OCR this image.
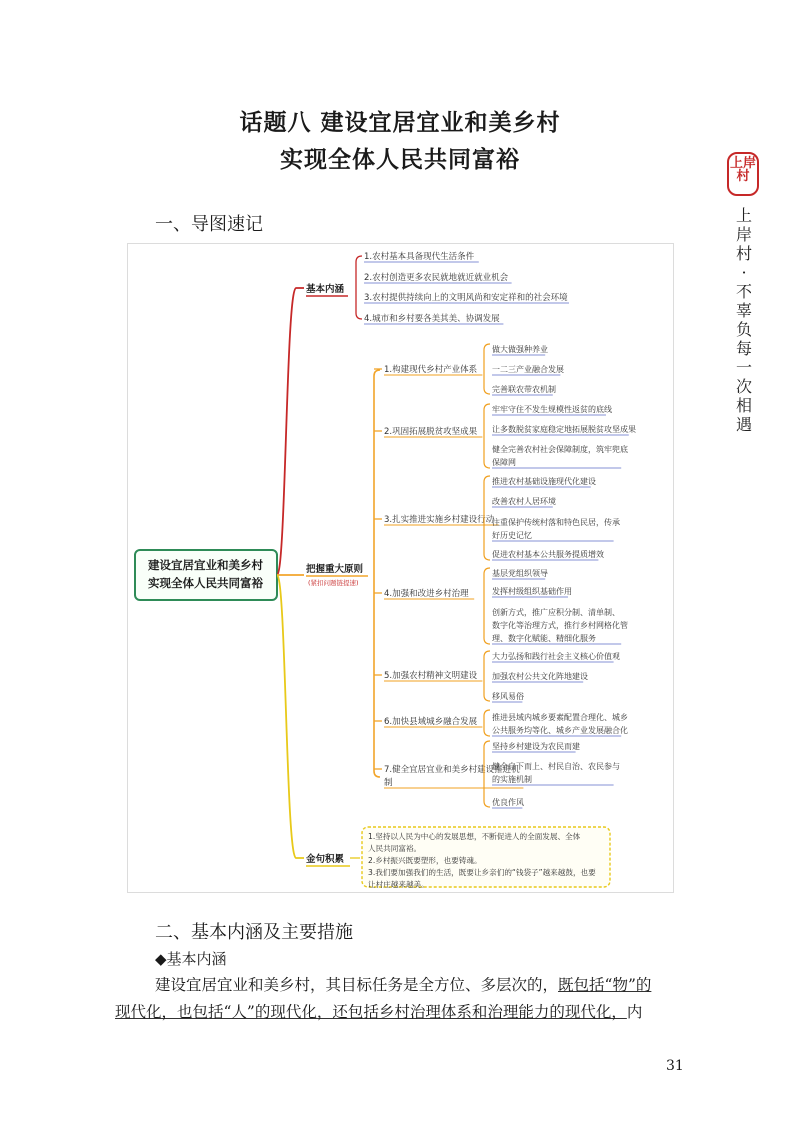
话题八 建设宜居宜业和美乡村
实现全体人民共同富裕	上岸村
上
岸
村
·
不
辜
负
每
一
次
相
遇
一、导图速记
建设宜居宜业和美乡村
实现全体人民共同富裕
基本内涵
1.农村基本具备现代生活条件
2.农村创造更多农民就地就近就业机会
3.农村提供持续向上的文明风尚和安定祥和的社会环境
4.城市和乡村要各美其美、协调发展
把握重大原则
(紧扣问题链提速)
1.构建现代乡村产业体系
做大做强种养业
一二三产业融合发展
完善联农带农机制
2.巩固拓展脱贫攻坚成果
牢牢守住不发生规模性返贫的底线
让多数脱贫家庭稳定地拓展脱贫攻坚成果
健全完善农村社会保障制度，筑牢兜底
保障网
3.扎实推进实施乡村建设行动
推进农村基础设施现代化建设
改善农村人居环境
注重保护传统村落和特色民居，传承
好历史记忆
促进农村基本公共服务提质增效
4.加强和改进乡村治理
基层党组织领导
发挥村级组织基础作用
创新方式，推广应积分制、清单制、
数字化等治理方式，推行乡村网格化管
理、数字化赋能、精细化服务
5.加强农村精神文明建设
大力弘扬和践行社会主义核心价值观
加强农村公共文化阵地建设
移风易俗
6.加快县域城乡融合发展 推进县域内城乡要素配置合理化、城乡
公共服务均等化、城乡产业发展融合化
7.健全宜居宜业和美乡村建设推进机
制
坚持乡村建设为农民而建
健全自下而上、村民自治、农民参与
的实施机制
优良作风
金句积累
1.坚持以人民为中心的发展思想，不断促进人的全面发展、全体
人民共同富裕。
2.乡村振兴既要塑形，也要铸魂。
3.我们要加强我们的生活，既要让乡亲们的“钱袋子”越来越鼓，也要
让村庄越来越美。
二、基本内涵及主要措施
◆基本内涵
建设宜居宜业和美乡村，其目标任务是全方位、多层次的，既包括“物”的
现代化，也包括“人”的现代化，还包括乡村治理体系和治理能力的现代化，内
31
